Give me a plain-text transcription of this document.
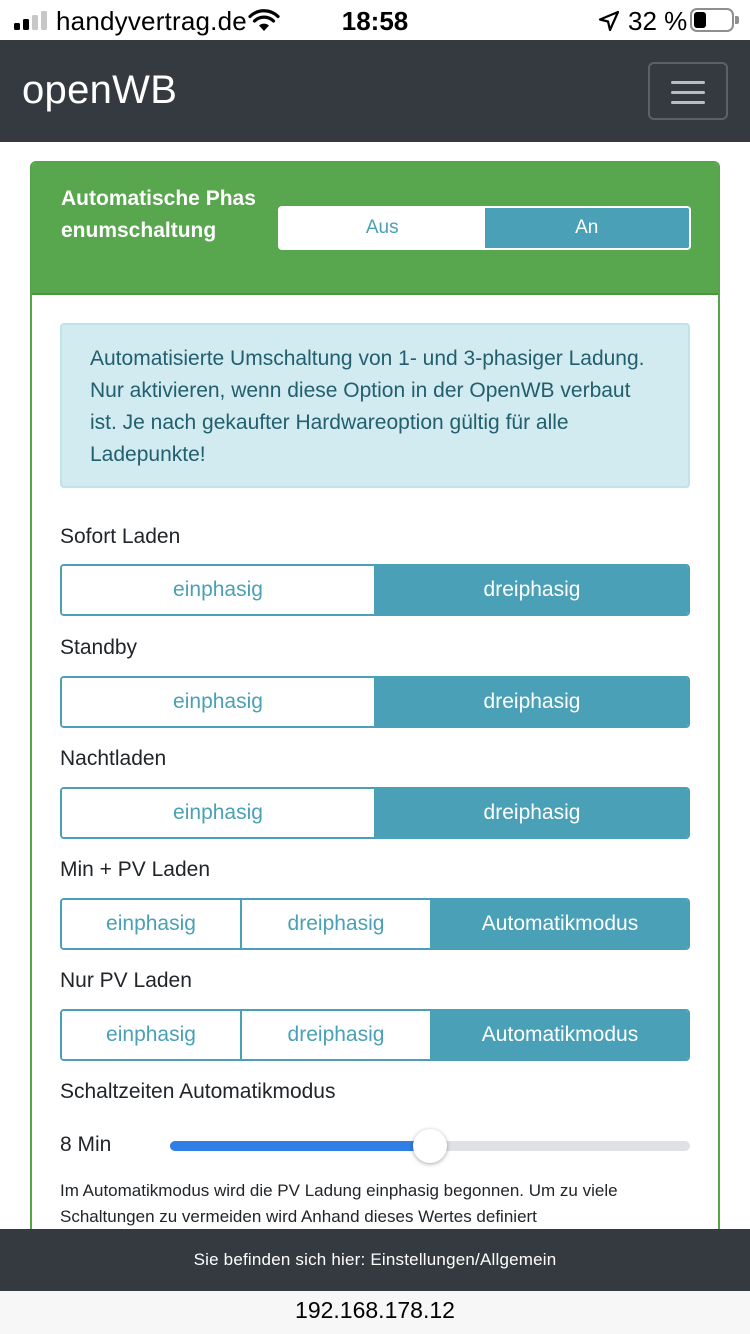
handyvertrag.de	18:58	32 %
openWB
Automatische Phasenumschaltung	Aus	An
Automatisierte Umschaltung von 1- und 3-phasiger Ladung. Nur aktivieren, wenn diese Option in der OpenWB verbaut ist. Je nach gekaufter Hardwareoption gültig für alle Ladepunkte!
Sofort Laden
einphasig	dreiphasig
Standby
einphasig	dreiphasig
Nachtladen
einphasig	dreiphasig
Min + PV Laden
einphasig	dreiphasig	Automatikmodus
Nur PV Laden
einphasig	dreiphasig	Automatikmodus
Schaltzeiten Automatikmodus
8 Min
Im Automatikmodus wird die PV Ladung einphasig begonnen. Um zu viele Schaltungen zu vermeiden wird Anhand dieses Wertes definiert
Sie befinden sich hier: Einstellungen/Allgemein
192.168.178.12
